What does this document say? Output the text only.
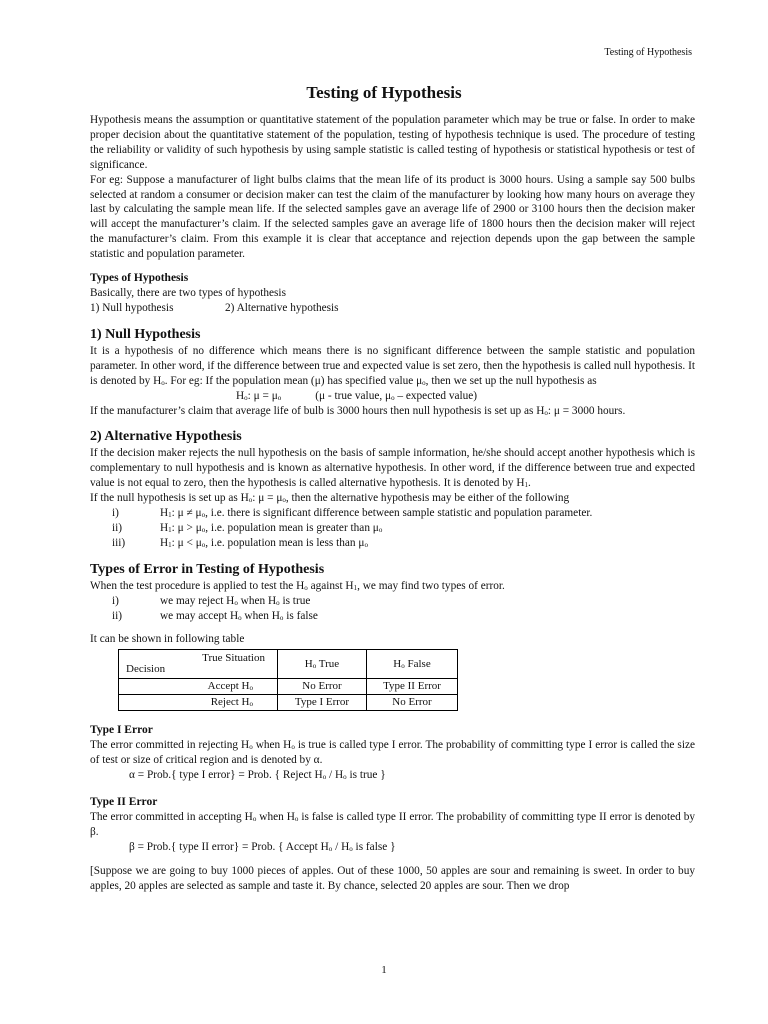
Testing of Hypothesis
Testing of Hypothesis

Hypothesis means the assumption or quantitative statement of the population parameter which may be true or false. In order to make proper decision about the quantitative statement of the population, testing of hypothesis technique is used. The procedure of testing the reliability or validity of such hypothesis by using sample statistic is called testing of hypothesis or statistical hypothesis or test of significance.

For eg: Suppose a manufacturer of light bulbs claims that the mean life of its product is 3000 hours. Using a sample say 500 bulbs selected at random a consumer or decision maker can test the claim of the manufacturer by looking how many hours on average they last by calculating the sample mean life. If the selected samples gave an average life of 2900 or 3100 hours then the decision maker will accept the manufacturer’s claim. If the selected samples gave an average life of 1800 hours then the decision maker will reject the manufacturer’s claim. From this example it is clear that acceptance and rejection depends upon the gap between the sample statistic and population parameter.

Types of Hypothesis

Basically, there are two types of hypothesis

1) Null hypothesis	2) Alternative hypothesis

1) Null Hypothesis

It is a hypothesis of no difference which means there is no significant difference between the sample statistic and population parameter. In other word, if the difference between true and expected value is set zero, then the hypothesis is called null hypothesis. It is denoted by $H_o$. For eg: If the population mean (μ) has specified value $\mu_o$, then we set up the null hypothesis as

$H_o$: $\mu = \mu_o$	(μ - true value, $\mu_o$ – expected value)

If the manufacturer’s claim that average life of bulb is 3000 hours then null hypothesis is set up as $H_o$: μ = 3000 hours.

2) Alternative Hypothesis

If the decision maker rejects the null hypothesis on the basis of sample information, he/she should accept another hypothesis which is complementary to null hypothesis and is known as alternative hypothesis. In other word, if the difference between true and expected value is not equal to zero, then the hypothesis is called alternative hypothesis. It is denoted by $H_1$.

If the null hypothesis is set up as $H_o$: $\mu = \mu_o$, then the alternative hypothesis may be either of the following

i)	$H_1$: $\mu \ne \mu_o$, i.e. there is significant difference between sample statistic and population parameter.
ii)	$H_1$: $\mu > \mu_o$, i.e. population mean is greater than $\mu_o$
iii)	$H_1$: $\mu < \mu_o$, i.e. population mean is less than $\mu_o$
Types of Error in Testing of Hypothesis

When the test procedure is applied to test the $H_o$ against $H_1$, we may find two types of error.

i)	we may reject $H_o$ when $H_o$ is true
ii)	we may accept $H_o$ when $H_o$ is false

It can be shown in following table

True Situation
Decision	$H_o$ True	$H_o$ False
Accept $H_o$	No Error	Type II Error
Reject $H_o$	Type I Error	No Error
Type I Error

The error committed in rejecting $H_o$ when $H_o$ is true is called type I error. The probability of committing type I error is called the size of test or size of critical region and is denoted by α.

α = Prob.{ type I error} = Prob. { Reject $H_o / H_o$ is true }

Type II Error

The error committed in accepting $H_o$ when $H_o$ is false is called type II error. The probability of committing type II error is denoted by β.

β = Prob.{ type II error} = Prob. { Accept $H_o / H_o$ is false }

[Suppose we are going to buy 1000 pieces of apples. Out of these 1000, 50 apples are sour and remaining is sweet. In order to buy apples, 20 apples are selected as sample and taste it. By chance, selected 20 apples are sour. Then we drop

1
